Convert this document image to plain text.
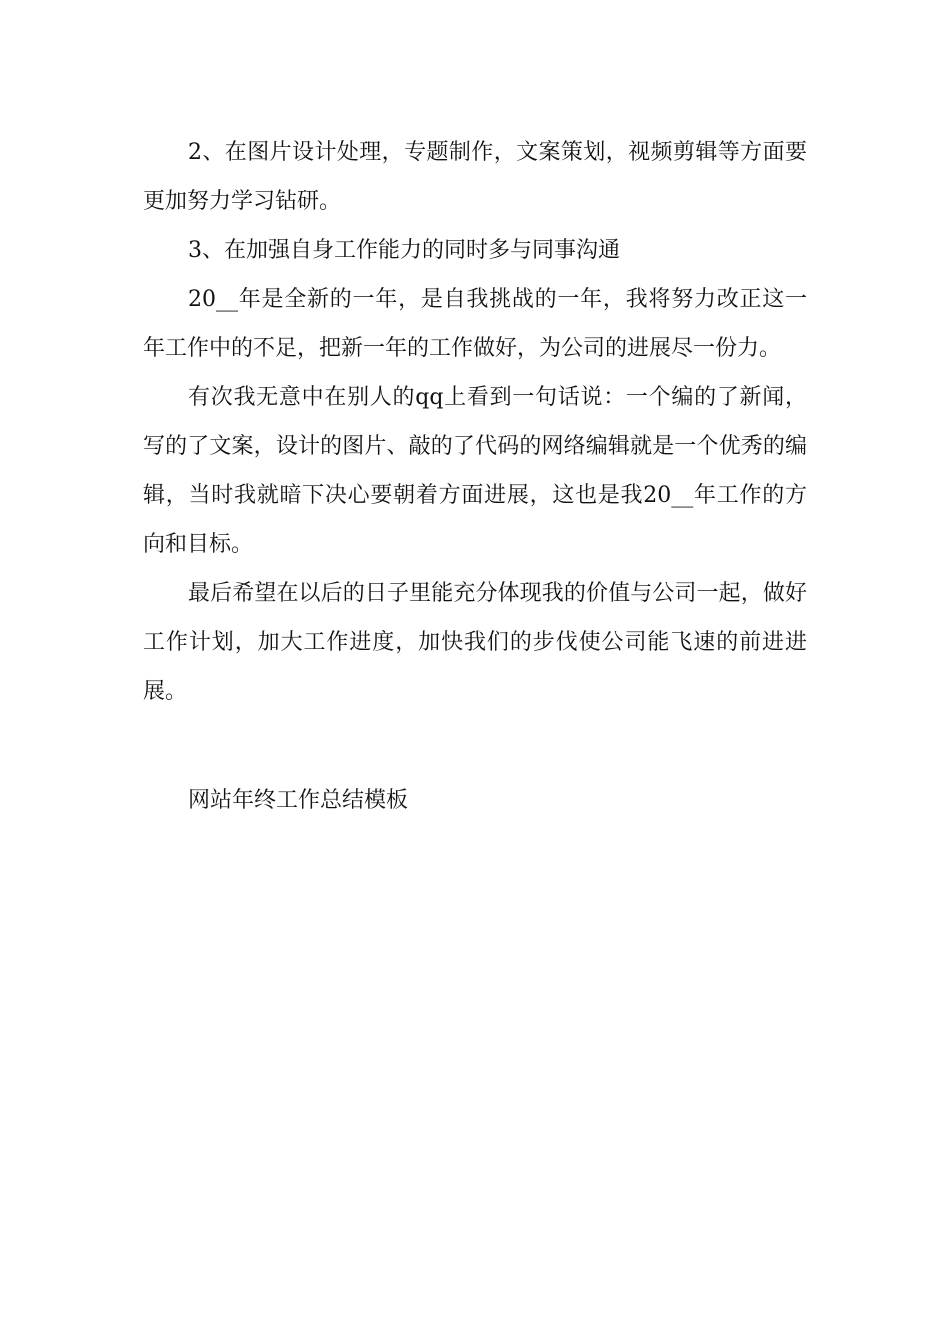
2、在图片设计处理，专题制作，文案策划，视频剪辑等方面要更加努力学习钻研。

3、在加强自身工作能力的同时多与同事沟通

20__年是全新的一年，是自我挑战的一年，我将努力改正这一年工作中的不足，把新一年的工作做好，为公司的进展尽一份力。

有次我无意中在别人的qq上看到一句话说：一个编的了新闻，写的了文案，设计的图片、敲的了代码的网络编辑就是一个优秀的编辑，当时我就暗下决心要朝着方面进展，这也是我20__年工作的方向和目标。

最后希望在以后的日子里能充分体现我的价值与公司一起，做好工作计划，加大工作进度，加快我们的步伐使公司能飞速的前进进展。

网站年终工作总结模板
